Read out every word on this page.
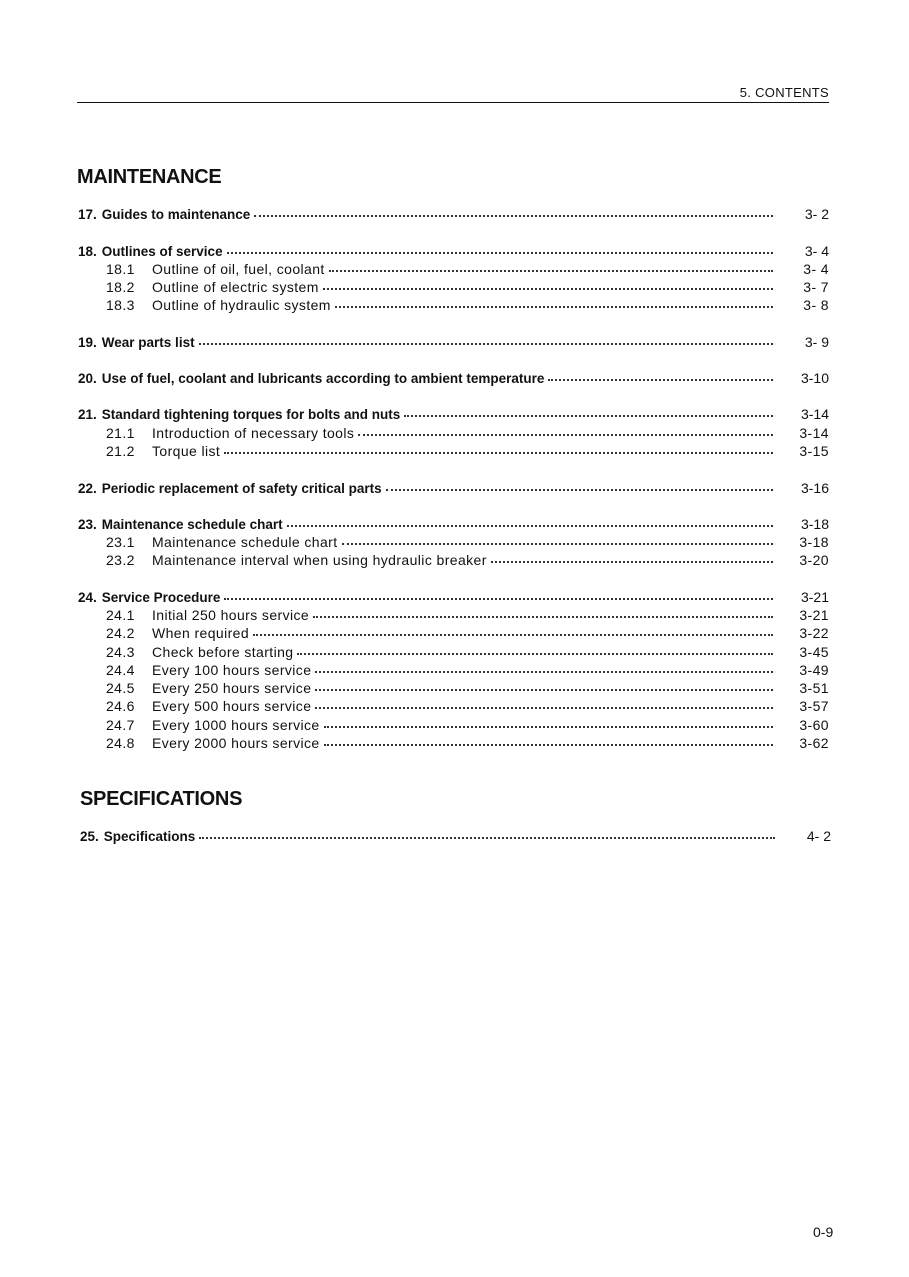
5. CONTENTS
MAINTENANCE
17. Guides to maintenance	3- 2
18. Outlines of service	3- 4
18.1	Outline of oil, fuel, coolant	3- 4
18.2	Outline of electric system	3- 7
18.3	Outline of hydraulic system	3- 8
19. Wear parts list	3- 9
20. Use of fuel, coolant and lubricants according to ambient temperature	3-10
21. Standard tightening torques for bolts and nuts	3-14
21.1	Introduction of necessary tools	3-14
21.2	Torque list	3-15
22. Periodic replacement of safety critical parts	3-16
23. Maintenance schedule chart	3-18
23.1	Maintenance schedule chart	3-18
23.2	Maintenance interval when using hydraulic breaker	3-20
24. Service Procedure	3-21
24.1	Initial 250 hours service	3-21
24.2	When required	3-22
24.3	Check before starting	3-45
24.4	Every 100 hours service	3-49
24.5	Every 250 hours service	3-51
24.6	Every 500 hours service	3-57
24.7	Every 1000 hours service	3-60
24.8	Every 2000 hours service	3-62
SPECIFICATIONS
25. Specifications	4- 2
0-9
